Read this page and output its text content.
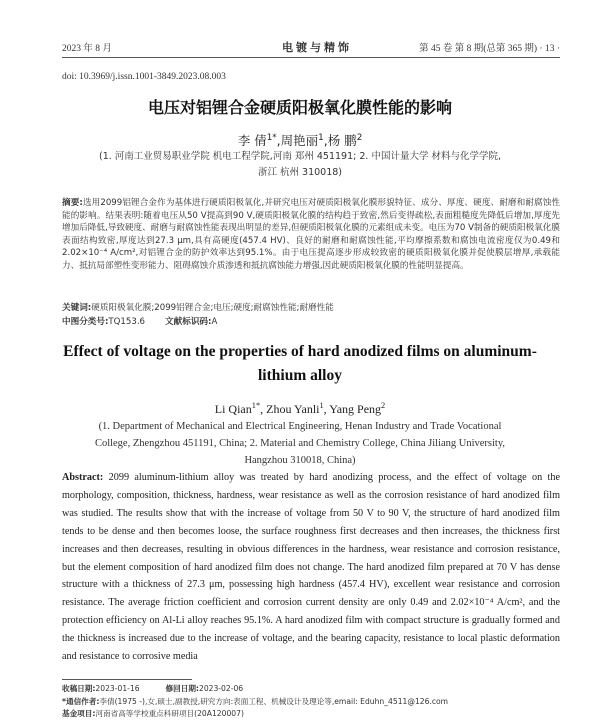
2023 年 8 月	电镀与精饰	第 45 卷 第 8 期(总第 365 期) · 13 ·
doi: 10.3969/j.issn.1001-3849.2023.08.003
电压对铝锂合金硬质阳极氧化膜性能的影响
李 倩$^{1*}$,周艳丽$^1$,杨 鹏$^2$
(1. 河南工业贸易职业学院 机电工程学院,河南 郑州 451191; 2. 中国计量大学 材料与化学学院,
浙江 杭州 310018)
摘要:选用2099铝锂合金作为基体进行硬质阳极氧化,并研究电压对硬质阳极氧化膜形貌特征、成分、厚度、硬度、耐磨和耐腐蚀性能的影响。结果表明:随着电压从50 V提高到90 V,硬质阳极氧化膜的结构趋于致密,然后变得疏松,表面粗糙度先降低后增加,厚度先增加后降低,导致硬度、耐磨与耐腐蚀性能表现出明显的差异,但硬质阳极氧化膜的元素组成未变。电压为70 V制备的硬质阳极氧化膜表面结构致密,厚度达到27.3 μm,具有高硬度(457.4 HV)、良好的耐磨和耐腐蚀性能,平均摩擦系数和腐蚀电流密度仅为0.49和2.02×10⁻⁴ A/cm²,对铝锂合金的防护效率达到95.1%。由于电压提高逐步形成较致密的硬质阳极氧化膜并促使膜层增厚,承载能力、抵抗局部塑性变形能力、阻碍腐蚀介质渗透和抵抗腐蚀能力增强,因此硬质阳极氧化膜的性能明显提高。
关键词:硬质阳极氧化膜;2099铝锂合金;电压;硬度;耐腐蚀性能;耐磨性能
中图分类号:TQ153.6 文献标识码:A
Effect of voltage on the properties of hard anodized films on aluminum-lithium alloy
Li Qian$^{1*}$, Zhou Yanli$^1$, Yang Peng$^2$
(1. Department of Mechanical and Electrical Engineering, Henan Industry and Trade Vocational
College, Zhengzhou 451191, China; 2. Material and Chemistry College, China Jiliang University,
Hangzhou 310018, China)
Abstract: 2099 aluminum-lithium alloy was treated by hard anodizing process, and the effect of voltage on the morphology, composition, thickness, hardness, wear resistance as well as the corrosion resistance of hard anodized film was studied. The results show that with the increase of voltage from 50 V to 90 V, the structure of hard anodized film tends to be dense and then becomes loose, the surface roughness first decreases and then increases, the thickness first increases and then decreases, resulting in obvious differences in the hardness, wear resistance and corrosion resistance, but the element composition of hard anodized film does not change. The hard anodized film prepared at 70 V has dense structure with a thickness of 27.3 μm, possessing high hardness (457.4 HV), excellent wear resistance and corrosion resistance. The average friction coefficient and corrosion current density are only 0.49 and 2.02×10⁻⁴ A/cm², and the protection efficiency on Al-Li alloy reaches 95.1%. A hard anodized film with compact structure is gradually formed and the thickness is increased due to the increase of voltage, and the bearing capacity, resistance to local plastic deformation and resistance to corrosive media
收稿日期:2023-01-16	修回日期:2023-02-06
*通信作者:李倩(1975 -),女,硕士,副教授,研究方向:表面工程、机械设计及理论等,email: Eduhn_4511@126.com
基金项目:河南省高等学校重点科研项目(20A120007)
